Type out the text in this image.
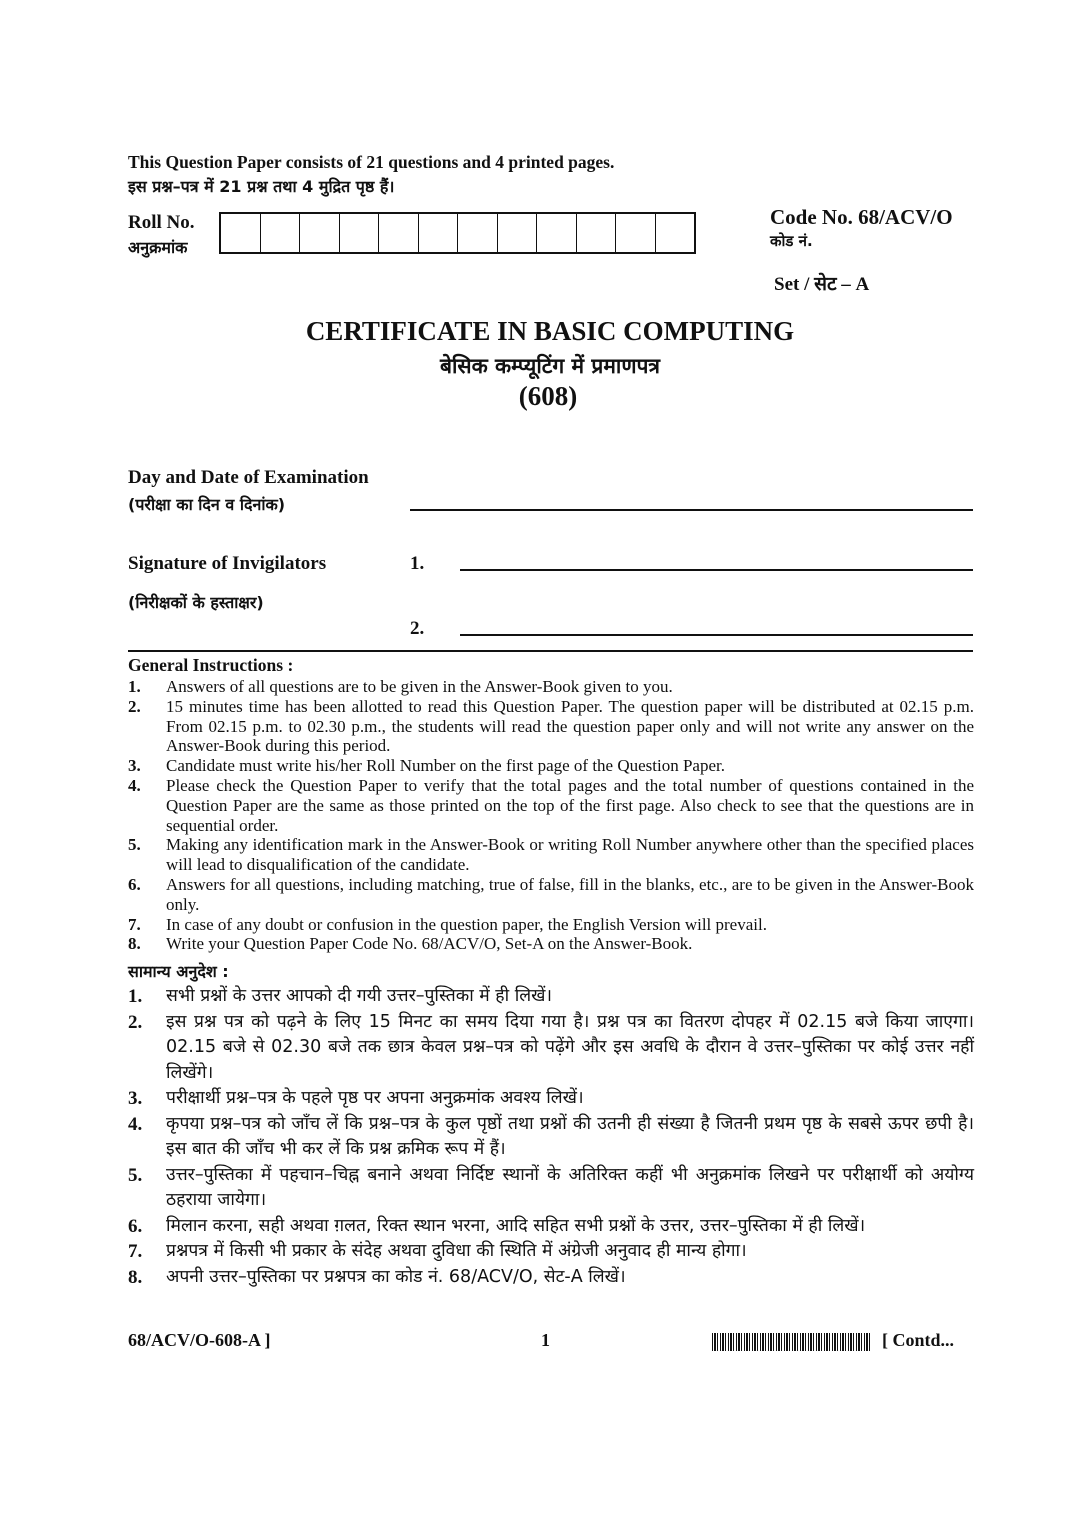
This Question Paper consists of 21 questions and 4 printed pages.
इस प्रश्न–पत्र में 21 प्रश्न तथा 4 मुद्रित पृष्ठ हैं।
Roll No.
अनुक्रमांक
Code No. 68/ACV/O
कोड नं.
Set / सेट – A
CERTIFICATE IN BASIC COMPUTING
बेसिक कम्प्यूटिंग में प्रमाणपत्र
(608)
Day and Date of Examination
(परीक्षा का दिन व दिनांक)
Signature of Invigilators	1.
(निरीक्षकों के हस्ताक्षर)
2.
General Instructions :
1.	Answers of all questions are to be given in the Answer-Book given to you.
2.	15 minutes time has been allotted to read this Question Paper. The question paper will be distributed at 02.15 p.m. From 02.15 p.m. to 02.30 p.m., the students will read the question paper only and will not write any answer on the Answer-Book during this period.
3.	Candidate must write his/her Roll Number on the first page of the Question Paper.
4.	Please check the Question Paper to verify that the total pages and the total number of questions contained in the Question Paper are the same as those printed on the top of the first page. Also check to see that the questions are in sequential order.
5.	Making any identification mark in the Answer-Book or writing Roll Number anywhere other than the specified places will lead to disqualification of the candidate.
6.	Answers for all questions, including matching, true of false, fill in the blanks, etc., are to be given in the Answer-Book only.
7.	In case of any doubt or confusion in the question paper, the English Version will prevail.
8.	Write your Question Paper Code No. 68/ACV/O, Set-A on the Answer-Book.
सामान्य अनुदेश :
1.	सभी प्रश्नों के उत्तर आपको दी गयी उत्तर–पुस्तिका में ही लिखें।
2.	इस प्रश्न पत्र को पढ़ने के लिए 15 मिनट का समय दिया गया है। प्रश्न पत्र का वितरण दोपहर में 02.15 बजे किया जाएगा। 02.15 बजे से 02.30 बजे तक छात्र केवल प्रश्न–पत्र को पढ़ेंगे और इस अवधि के दौरान वे उत्तर–पुस्तिका पर कोई उत्तर नहीं लिखेंगे।
3.	परीक्षार्थी प्रश्न–पत्र के पहले पृष्ठ पर अपना अनुक्रमांक अवश्य लिखें।
4.	कृपया प्रश्न–पत्र को जाँच लें कि प्रश्न–पत्र के कुल पृष्ठों तथा प्रश्नों की उतनी ही संख्या है जितनी प्रथम पृष्ठ के सबसे ऊपर छपी है। इस बात की जाँच भी कर लें कि प्रश्न क्रमिक रूप में हैं।
5.	उत्तर–पुस्तिका में पहचान–चिह्न बनाने अथवा निर्दिष्ट स्थानों के अतिरिक्त कहीं भी अनुक्रमांक लिखने पर परीक्षार्थी को अयोग्य ठहराया जायेगा।
6.	मिलान करना, सही अथवा ग़लत, रिक्त स्थान भरना, आदि सहित सभी प्रश्नों के उत्तर, उत्तर–पुस्तिका में ही लिखें।
7.	प्रश्नपत्र में किसी भी प्रकार के संदेह अथवा दुविधा की स्थिति में अंग्रेजी अनुवाद ही मान्य होगा।
8.	अपनी उत्तर–पुस्तिका पर प्रश्नपत्र का कोड नं. 68/ACV/O, सेट-A लिखें।
68/ACV/O-608-A ]	1	[ Contd...
